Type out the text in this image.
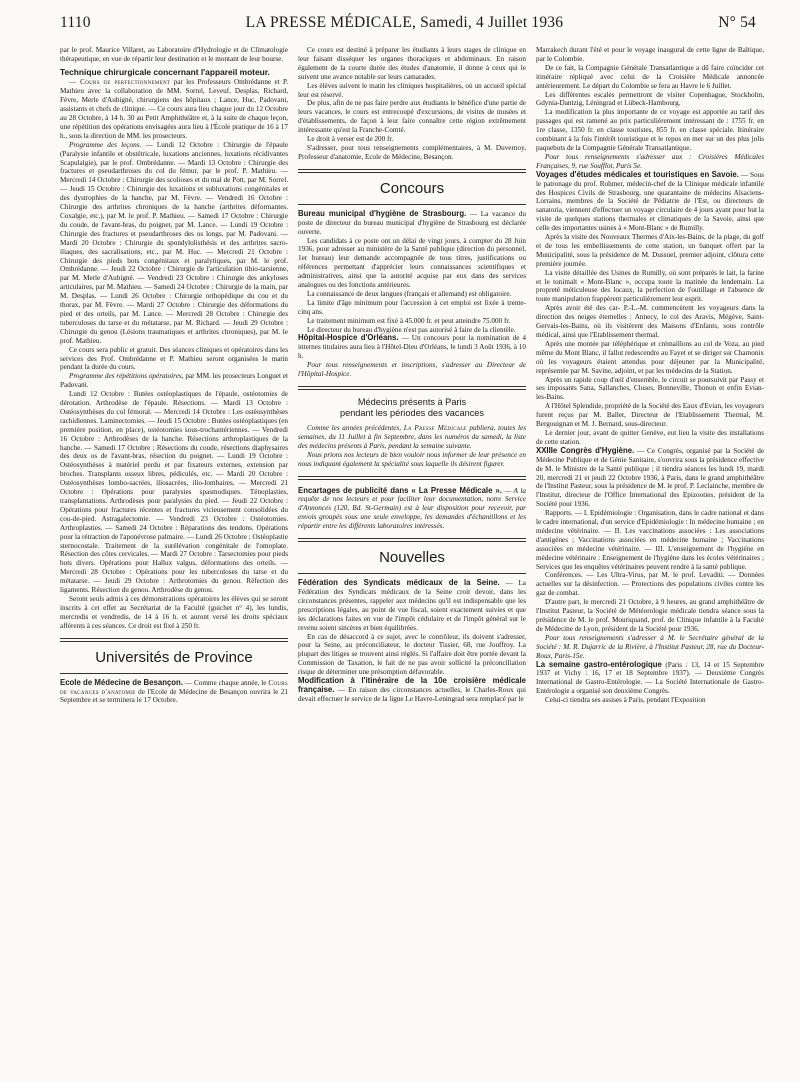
1110	LA PRESSE MÉDICALE, Samedi, 4 Juillet 1936	N° 54

par le prof. Maurice Villaret, au Laboratoire d'Hydrologie et de Climatologie thérapeutique, en vue de répartir leur destination et le montant de leur bourse.

Technique chirurgicale concernant l'appareil moteur.

— Cours de perfectionnement par les Professeurs Ombrédanne et P. Mathieu avec la collaboration de MM. Sorrel, Leveuf, Desplas, Richard, Fèvre, Merle d'Aubigné, chirurgiens des hôpitaux ; Lance, Huc, Padovani, assistants et chefs de clinique. — Ce cours aura lieu chaque jour du 12 Octobre au 28 Octobre, à 14 h. 30 au Petit Amphithéâtre et, à la suite de chaque leçon, une répétition des opérations envisagées aura lieu à l'École pratique de 16 à 17 h., sous la direction de MM. les prosecteurs.

Programme des leçons. — Lundi 12 Octobre : Chirurgie de l'épaule (Paralysie infantile et obstétricale, luxations anciennes, luxations récidivantes Scapulalgie), par le prof. Ombrédanne. — Mardi 13 Octobre : Chirurgie des fractures et pseudarthroses du col du fémur, par le prof. P. Mathieu. — Mercredi 14 Octobre : Chirurgie des scolioses et du mal de Pott, par M. Sorrel. — Jeudi 15 Octobre : Chirurgie des luxations et subluxations congénitales et des dystrophies de la hanche, par M. Fèvre. — Vendredi 16 Octobre : Chirurgie des arthrites chroniques de la hanche (arthrites déformantes. Coxalgie, etc.), par M. le prof. P. Mathieu. — Samedi 17 Octobre : Chirurgie du coude, de l'avant-bras, du poignet, par M. Lance. — Lundi 19 Octobre : Chirurgie des fractures et pseudarthroses des os longs, par M. Padovani. — Mardi 20 Octobre : Chirurgie du spondylolisthésis et des arthrites sacro-iliaques, des sacralisations, etc., par M. Huc. — Mercredi 21 Octobre : Chirurgie des pieds bots congénitaux et paralytiques, par M. le prof. Ombrédanne. — Jeudi 22 Octobre : Chirurgie de l'articulation tibio-tarsienne, par M. Merle d'Aubigné. — Vendredi 23 Octobre : Chirurgie des ankyloses articulaires, par M. Mathieu. — Samedi 24 Octobre : Chirurgie de la main, par M. Desplas. — Lundi 26 Octobre : Chirurgie orthopédique du cou et du thorax, par M. Fèvre. — Mardi 27 Octobre : Chirurgie des déformations du pied et des orteils, par M. Lance. — Mercredi 28 Octobre : Chirurgie des tuberculoses du tarse et du métatarse, par M. Richard. — Jeudi 29 Octobre : Chirurgie du genou (Lésions traumatiques et arthrites chroniques), par M. le prof. Mathieu.

Ce cours sera public et gratuit. Des séances cliniques et opératoires dans les services des Prof. Ombrédanne et P. Mathieu seront organisées le matin pendant la durée du cours.

Programme des répétitions opératoires, par MM. les prosecteurs Longuet et Padovani.

Lundi 12 Octobre : Butées ostéoplastiques de l'épaule, ostéotomies de dérotation. Arthrodèse de l'épaule. Résections. — Mardi 13 Octobre : Ostéosynthèses du col fémoral. — Mercredi 14 Octobre : Les ostéosynthèses rachidiennes. Laminectomies. — Jeudi 15 Octobre : Butées ostéoplastiques (en première position, en place), ostéotomies sous-trochantériennes. — Vendredi 16 Octobre : Arthrodèses de la hanche. Résections arthroplastiques de la hanche. — Samedi 17 Octobre : Résections du coude, résections diaphysaires des deux os de l'avant-bras, résection du poignet. — Lundi 19 Octobre : Ostéosynthèses à matériel perdu et par fixateurs externes, extension par broches. Transplants osseux libres, pédiculés, etc. — Mardi 20 Octobre : Ostéosynthèses lombo-sacrées, iliosacrées, ilio-lombaires. — Mercredi 21 Octobre : Opérations pour paralysies spasmodiques. Ténoplasties, transplantations. Arthrodèses pour paralysies du pied. — Jeudi 22 Octobre : Opérations pour fractures récentes et fractures vicieusement consolidées du cou-de-pied. Astragalectomie. — Vendredi 23 Octobre : Ostéotomies. Arthroplasties. — Samedi 24 Octobre : Réparations des tendons. Opérations pour la rétraction de l'aponévrose palmaire. — Lundi 26 Octobre : Ostéoplastie sternocostale. Traitement de la surélévation congénitale de l'omoplate. Résection des côtes cervicales. — Mardi 27 Octobre : Tarsectomies pour pieds bots divers. Opérations pour Hallux valgus, déformations des orteils. — Mercredi 28 Octobre : Opérations pour les tuberculoses du tarse et du métatarse. — Jeudi 29 Octobre : Arthrotomies du genou. Réfection des ligaments. Résection du genou. Arthrodèse du genou.

Seront seuls admis à ces démonstrations opératoires les élèves qui se seront inscrits à cet effet au Secrétariat de la Faculté (guichet n° 4), les lundis, mercredis et vendredis, de 14 à 16 h. et auront versé les droits spéciaux afférents à ces séances. Ce droit est fixé à 250 fr.

Universités de Province

Ecole de Médecine de Besançon. — Comme chaque année, le Cours de vacances d'anatomie de l'Ecole de Médecine de Besançon ouvrira le 21 Septembre et se terminera le 17 Octobre.

Ce cours est destiné à préparer les étudiants à leurs stages de clinique en leur faisant disséquer les organes thoraciques et abdominaux. En raison également de la courte durée des études d'anatomie, il donne à ceux qui le suivent une avance notable sur leurs camarades.

Les élèves suivent le matin les cliniques hospitalières, où un accueil spécial leur est réservé.

De plus, afin de ne pas faire perdre aux étudiants le bénéfice d'une partie de leurs vacances, le cours est entrecoupé d'excursions, de visites de musées et d'établissements, de façon à leur faire connaître cette région extrêmement intéressante qu'est la Franche-Comté.

Le droit à verser est de 200 fr.

S'adresser, pour tous renseignements complémentaires, à M. Duvernoy, Professeur d'anatomie, Ecole de Médecine, Besançon.

Concours

Bureau municipal d'hygiène de Strasbourg. — La vacance du poste de directeur du bureau municipal d'hygiène de Strasbourg est déclarée ouverte.

Les candidats à ce poste ont un délai de vingt jours, à compter du 28 Juin 1936, pour adresser au ministère de la Santé publique (direction du personnel, 1er bureau) leur demande accompagnée de tous titres, justifications ou références permettant d'apprécier leurs connaissances scientifiques et administratives, ainsi que la autorité acquise par eux dans des services analogues ou des fonctions antérieures.

La connaissance de deux langues (français et allemand) est obligatoire.

La limite d'âge minimum pour l'accession à cet emploi est fixée à trente-cinq ans.

Le traitement minimum est fixé à 45.000 fr. et peut atteindre 75.000 fr.

Le directeur du bureau d'hygiène n'est pas autorisé à faire de la clientèle.

Hôpital-Hospice d'Orléans. — Un concours pour la nomination de 4 internes titulaires aura lieu à l'Hôtel-Dieu d'Orléans, le lundi 3 Août 1936, à 10 h.

Pour tous renseignements et inscriptions, s'adresser au Directeur de l'Hôpital-Hospice.

Médecins présents à Paris
pendant les périodes des vacances

Comme les années précédentes, La Presse Médicale publiera, toutes les semaines, du 11 Juillet à fin Septembre, dans les numéros du samedi, la liste des médecins présents à Paris, pendant la semaine suivante.

Nous prions nos lecteurs de bien vouloir nous informer de leur présence en nous indiquant également la spécialité sous laquelle ils désirent figurer.

Encartages de publicité dans « La Presse Médicale ». — A la requête de nos lecteurs et pour faciliter leur documentation, notre Service d'Annonces (120, Bd. St-Germain) est à leur disposition pour recevoir, par envois groupés sous une seule enveloppe, les demandes d'échantillons et les répartir entre les différents laboratoires intéressés.

Nouvelles

Fédération des Syndicats médicaux de la Seine. — La Fédération des Syndicats médicaux de la Seine croit devoir, dans les circonstances présentes, rappeler aux médecins qu'il est indispensable que les prescriptions légales, au point de vue fiscal, soient exactement suivies et que les déclarations faites en vue de l'impôt cédulaire et de l'impôt général sur le revenu soient sincères et bien équilibrées.

En cas de désaccord à ce sujet, avec le contrôleur, ils doivent s'adresser, pour la Seine, au préconciliateur, le docteur Tissier, 68, rue Jouffroy. La plupart des litiges se trouvent ainsi réglés. Si l'affaire doit être portée devant la Commission de Taxation, le fait de ne pas avoir sollicité la préconciliation risque de déterminer une présomption défavorable.

Modification à l'itinéraire de la 10e croisière médicale française. — En raison des circonstances actuelles, le Charles-Roux qui devait effectuer le service de la ligne Le Havre-Leningrad sera remplacé par le

Marrakech durant l'été et pour le voyage inaugural de cette ligne de Baltique, par le Colombie.

De ce fait, la Compagnie Générale Transatlantique a dû faire coïncider cet itinéraire répliqué avec celui de la Croisière Médicale annoncée antérieurement. Le départ du Colombie se fera au Havre le 6 Juillet.

Les différentes escales permettront de visiter Copenhague, Stockholm, Gdynia-Dantzig, Léningrad et Lübeck-Hambourg.

La modification la plus importante de ce voyage est apportée au tarif des passages qui est ramené au prix particulièrement intéressant de : 1755 fr. en 1re classe, 1350 fr. en classe touristes, 855 fr. en classe spéciale. Itinéraire combinant à la fois l'intérêt touristique et le repos en mer sur un des plus jolis paquebots de la Compagnie Générale Transatlantique.

Pour tous renseignements s'adresser aux : Croisières Médicales Françaises, 9, rue Soufflot, Paris 5e.

Voyages d'études médicales et touristiques en Savoie. — Sous le patronage du prof. Rohmer, médecin-chef de la Clinique médicale infantile des Hospices Civils de Strasbourg, une quarantaine de médecins Alsaciens-Lorrains, membres de la Société de Pédiatrie de l'Est, ou directeurs de sanatoria, viennent d'effectuer un voyage circulaire de 4 jours ayant pour but la visite de quelques stations thermales et climatiques de la Savoie, ainsi que celle des importantes usines à « Mont-Blanc » de Rumilly.

Après la visite des Nouveaux Thermes d'Aix-les-Bains, de la plage, du golf et de tous les embellissements de cette station, un banquet offert par la Municipalité, sous la présidence de M. Dussuel, premier adjoint, clôtura cette première journée.

La visite détaillée des Usines de Rumilly, où sont préparés le lait, la farine et le tonimalt « Mont-Blanc », occupa toute la matinée du lendemain. La propreté méticuleuse des locaux, la perfection de l'outillage et l'absence de toute manipulation frappèrent particulièrement leur esprit.

Après avoir été des car- P.-L.-M. commencèrent les voyageurs dans la direction des neiges éternelles : Annecy, le col des Aravis, Mégève, Saint-Gervais-les-Bains, où ils visitèrent des Maisons d'Enfants, sous contrôle médical, ainsi que l'Etablissement thermal.

Après une montée par téléphérique et crémaillons au col de Voza, au pied même du Mont Blanc, il fallut redescendre au Fayet et se diriger sur Chamonix où les voyageurs étaient attendus pour déjeuner par la Municipalité, représentée par M. Savine, adjoint, et par les médecins de la Station.

Après un rapide coup d'œil d'ensemble, le circuit se poursuivit par Passy et ses imposants Sana, Sallanches, Cluses, Bonneville, Thonon et enfin Evian-les-Bains.

A l'Hôtel Splendide, propriété de la Société des Eaux d'Evian, les voyageurs furent reçus par M. Ballet, Directeur de l'Etablissement Thermal, M. Bergouignan et M. J. Bernard, sous-directeur.

Le dernier jour, avant de quitter Genève, eut lieu la visite des installations de cette station.

XXIIIe Congrès d'Hygiène. — Ce Congrès, organisé par la Société de Médecine Publique et de Génie Sanitaire, s'ouvrira sous la présidence effective de M. le Ministre de la Santé publique ; il tiendra séances les lundi 19, mardi 20, mercredi 21 et jeudi 22 Octobre 1936, à Paris, dans le grand amphithéâtre de l'Institut Pasteur, sous la présidence de M. le prof. P. Leclainche, membre de l'Institut, directeur de l'Office International des Epizooties, président de la Société pour 1936.

Rapports. — I. Epidémiologie : Organisation, dans le cadre national et dans le cadre international, d'un service d'Epidémiologie : In médecine humaine ; en médecine vétérinaire. — II. Les vaccinations associées : Les associations d'antigènes ; Vaccinations associées en médecine humaine ; Vaccinations associées en médecine vétérinaire. — III. L'enseignement de l'hygiène en médecine vétérinaire : Enseignement de l'hygiène dans les écoles vétérinaires ; Services que les enquêtes vétérinaires peuvent rendre à la santé publique.

Conférences. — Les Ultra-Virus, par M. le prof. Levaditi. — Données actuelles sur la désinfection. — Protections des populations civiles contre les gaz de combat.

D'autre part, le mercredi 21 Octobre, à 9 heures, au grand amphithéâtre de l'Institut Pasteur, la Société de Météorologie médicale tiendra séance sous la présidence de M. le prof. Mouriquand, prof. de Clinique infantile à la Faculté de Médecine de Lyon, président de la Société pour 1936.

Pour tous renseignements s'adresser à M. le Secrétaire général de la Société : M. R. Dujarric de la Rivière, à l'Institut Pasteur, 28, rue du Docteur-Roux, Paris-15e.

La semaine gastro-entérologique (Paris : 13, 14 et 15 Septembre 1937 et Vichy : 16, 17 et 18 Septembre 1937). — Deuxième Congrès International de Gastro-Entérologie. — La Société Internationale de Gastro-Entérologie a organisé son deuxième Congrès.

Celui-ci tiendra ses assises à Paris, pendant l'Exposition
